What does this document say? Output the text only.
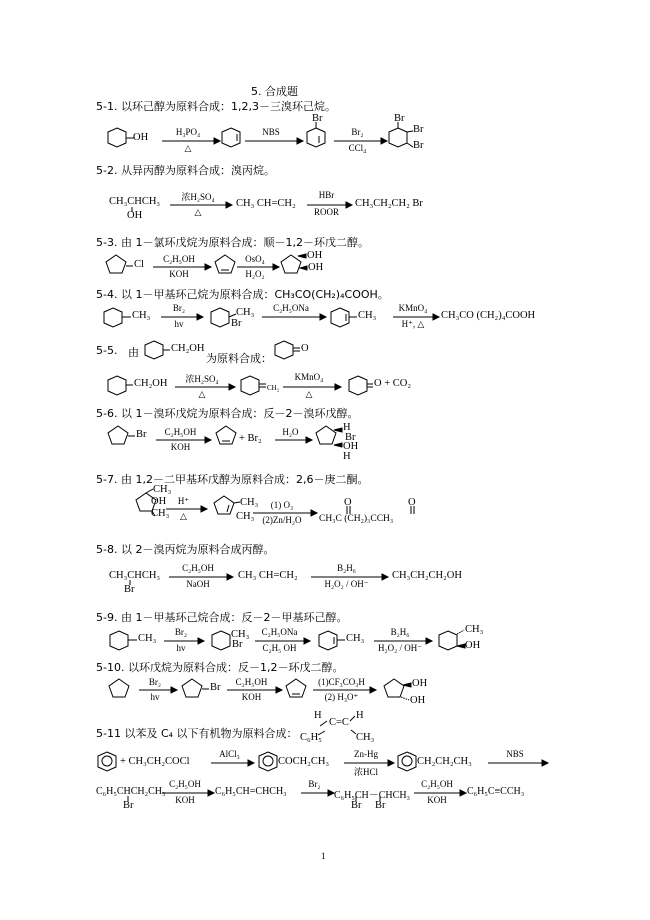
5. 合成题
5-1. 以环己醇为原料合成：1,2,3－三溴环己烷。
OH	H₃PO₄
△
NBS
Br
Br₂
CCl₄
Br
Br
Br
5-2. 从异丙醇为原料合成：溴丙烷。
CH₃CHCH₃
OH
浓H₂SO₄
△
CH₃ CH=CH₂
HBr
ROOR
CH₃CH₂CH₂ Br
5-3. 由 1－氯环戊烷为原料合成：顺－1,2－环戊二醇。
Cl	C₂H₅OH
KOH
OsO₄
H₂O₂
OH
OH
5-4. 以 1－甲基环己烷为原料合成：CH₃CO(CH₂)₄COOH。
CH₃
Br₂
hv
CH₃
Br
C₂H₅ONa
CH₃
KMnO₄
H⁺, △
CH₃CO (CH₂)₄COOH
5-5. 由	CH₂OH
为原料合成：
O
CH₂OH	浓H₂SO₄
△
CH₂
KMnO₄
△
O + CO₂
5-6. 以 1－溴环戊烷为原料合成：反－2－溴环戊醇。
Br	C₂H₅OH
KOH
+ Br₂
H₂O	H
Br
OH
H
5-7. 由 1,2－二甲基环戊醇为原料合成：2,6－庚二酮。
CH₃
OH
CH₃
H⁺
△
CH₃
CH₃
(1) O₃
(2)Zn/H₂O
O	O
CH₃C (CH₂)₃CCH₃
5-8. 以 2－溴丙烷为原料合成丙醇。
CH₃CHCH₃
Br
C₂H₅OH
NaOH
CH₃ CH=CH₂
B₂H₆
H₂O₂ / OH⁻
CH₃CH₂CH₂OH
5-9. 由 1－甲基环己烷合成：反－2－甲基环己醇。
CH₃
Br₂
hv
CH₃
Br
C₂H₅ONa
C₂H₅ OH
CH₃
B₂H₆
H₂O₂ / OH⁻
CH₃
OH
5-10. 以环戊烷为原料合成：反－1,2－环戊二醇。
Br₂
hv
Br	C₂H₅OH
KOH
(1)CF₃CO₃H
(2) H₃O⁺
OH
OH
5-11 以苯及 C₄ 以下有机物为原料合成：
H
C=C
H
C₆H₅	CH₃
+ CH₃CH₂COCl
AlCl₃
COCH₂CH₃
Zn-Hg
浓HCl
CH₂CH₂CH₃
NBS
C₆H₅CHCH₂CH₃
Br
C₂H₅OH
KOH
C₆H₅CH=CHCH₃
Br₂
C₆H₅CH－CHCH₃
Br Br
C₂H₅OH
KOH
C₆H₅C≡CCH₃
1
